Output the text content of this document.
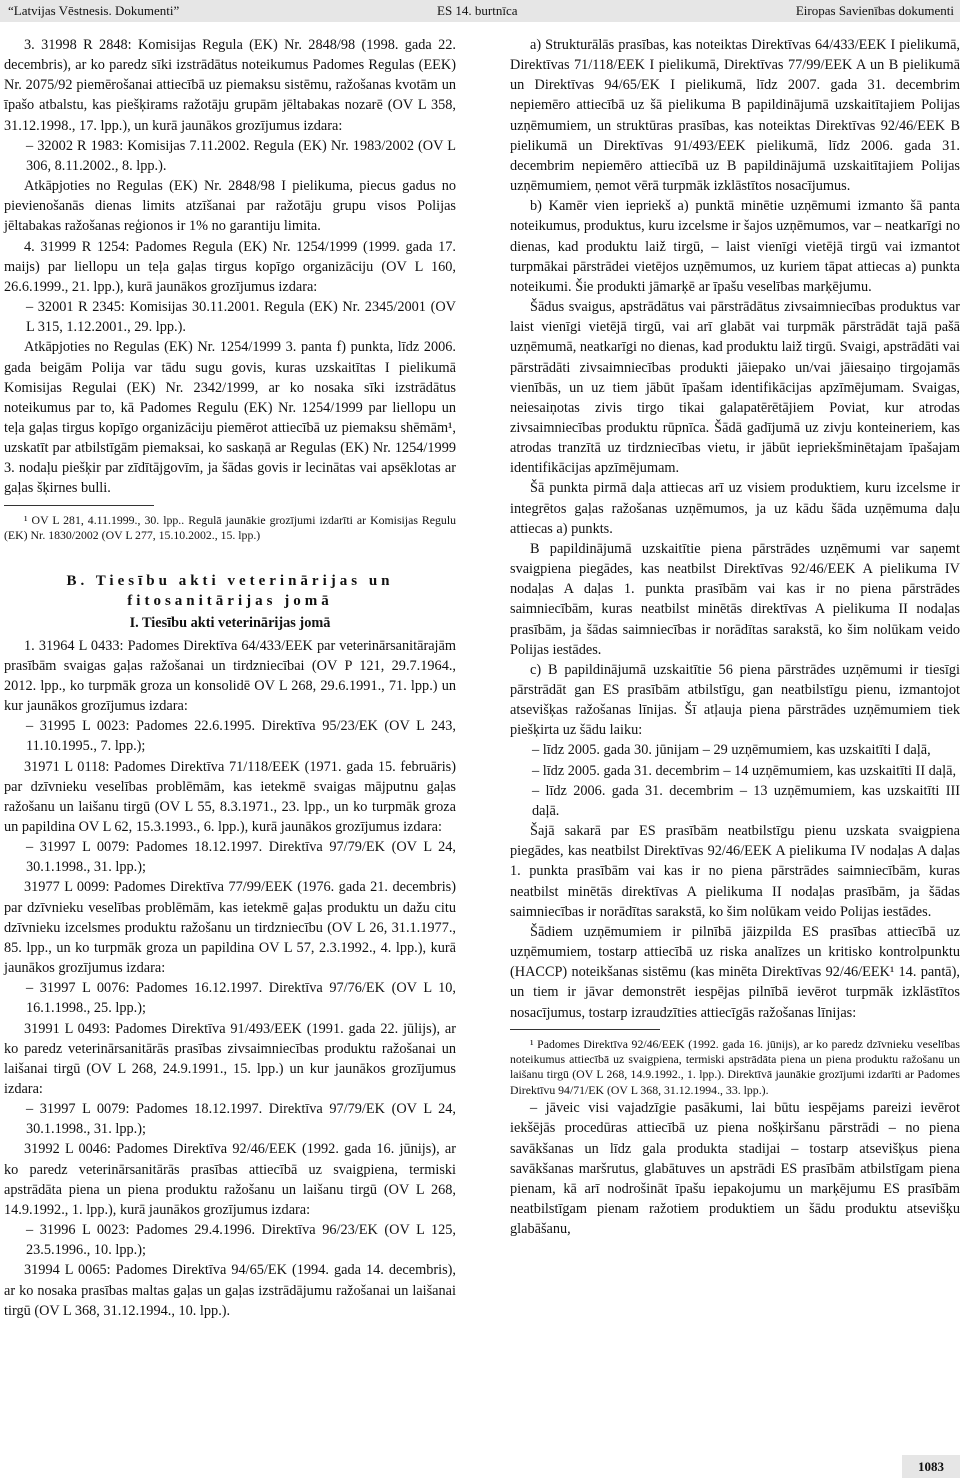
“Latvijas Vēstnesis. Dokumenti”	ES 14. burtnīca	Eiropas Savienības dokumenti

3. 31998 R 2848: Komisijas Regula (EK) Nr. 2848/98 (1998. gada 22. decembris), ar ko paredz sīki izstrādātus noteikumus Padomes Regulas (EEK) Nr. 2075/92 piemērošanai attiecībā uz piemaksu sistēmu, ražošanas kvotām un īpašo atbalstu, kas piešķirams ražotāju grupām jēltabakas nozarē (OV L 358, 31.12.1998., 17. lpp.), un kurā jaunākos grozījumus izdara:

– 32002 R 1983: Komisijas 7.11.2002. Regula (EK) Nr. 1983/2002 (OV L 306, 8.11.2002., 8. lpp.).

Atkāpjoties no Regulas (EK) Nr. 2848/98 I pielikuma, piecus gadus no pievienošanās dienas limits atzīšanai par ražotāju grupu visos Polijas jēltabakas ražošanas reģionos ir 1% no garantiju limita.

4. 31999 R 1254: Padomes Regula (EK) Nr. 1254/1999 (1999. gada 17. maijs) par liellopu un teļa gaļas tirgus kopīgo organizāciju (OV L 160, 26.6.1999., 21. lpp.), kurā jaunākos grozījumus izdara:

– 32001 R 2345: Komisijas 30.11.2001. Regula (EK) Nr. 2345/2001 (OV L 315, 1.12.2001., 29. lpp.).

Atkāpjoties no Regulas (EK) Nr. 1254/1999 3. panta f) punkta, līdz 2006. gada beigām Polija var tādu sugu govis, kuras uzskaitītas I pielikumā Komisijas Regulai (EK) Nr. 2342/1999, ar ko nosaka sīki izstrādātus noteikumus par to, kā Padomes Regulu (EK) Nr. 1254/1999 par liellopu un teļa gaļas tirgus kopīgo organizāciju piemērot attiecībā uz piemaksu shēmām¹, uzskatīt par atbilstīgām piemaksai, ko saskaņā ar Regulas (EK) Nr. 1254/1999 3. nodaļu piešķir par zīdītājgovīm, ja šādas govis ir lecinātas vai apsēklotas ar gaļas šķirnes bulli.

¹ OV L 281, 4.11.1999., 30. lpp.. Regulā jaunākie grozījumi izdarīti ar Komisijas Regulu (EK) Nr. 1830/2002 (OV L 277, 15.10.2002., 15. lpp.)

B. Tiesību akti veterinārijas un fitosanitārijas jomā

I. Tiesību akti veterinārijas jomā

1. 31964 L 0433: Padomes Direktīva 64/433/EEK par veterinārsanitārajām prasībām svaigas gaļas ražošanai un tirdzniecībai (OV P 121, 29.7.1964., 2012. lpp., ko turpmāk groza un konsolidē OV L 268, 29.6.1991., 71. lpp.) un kur jaunākos grozījumus izdara:

– 31995 L 0023: Padomes 22.6.1995. Direktīva 95/23/EK (OV L 243, 11.10.1995., 7. lpp.);

31971 L 0118: Padomes Direktīva 71/118/EEK (1971. gada 15. februāris) par dzīvnieku veselības problēmām, kas ietekmē svaigas mājputnu gaļas ražošanu un laišanu tirgū (OV L 55, 8.3.1971., 23. lpp., un ko turpmāk groza un papildina OV L 62, 15.3.1993., 6. lpp.), kurā jaunākos grozījumus izdara:

– 31997 L 0079: Padomes 18.12.1997. Direktīva 97/79/EK (OV L 24, 30.1.1998., 31. lpp.);

31977 L 0099: Padomes Direktīva 77/99/EEK (1976. gada 21. decembris) par dzīvnieku veselības problēmām, kas ietekmē gaļas produktu un dažu citu dzīvnieku izcelsmes produktu ražošanu un tirdzniecību (OV L 26, 31.1.1977., 85. lpp., un ko turpmāk groza un papildina OV L 57, 2.3.1992., 4. lpp.), kurā jaunākos grozījumus izdara:

– 31997 L 0076: Padomes 16.12.1997. Direktīva 97/76/EK (OV L 10, 16.1.1998., 25. lpp.);

31991 L 0493: Padomes Direktīva 91/493/EEK (1991. gada 22. jūlijs), ar ko paredz veterinārsanitārās prasības zivsaimniecības produktu ražošanai un laišanai tirgū (OV L 268, 24.9.1991., 15. lpp.) un kur jaunākos grozījumus izdara:

– 31997 L 0079: Padomes 18.12.1997. Direktīva 97/79/EK (OV L 24, 30.1.1998., 31. lpp.);

31992 L 0046: Padomes Direktīva 92/46/EEK (1992. gada 16. jūnijs), ar ko paredz veterinārsanitārās prasības attiecībā uz svaigpiena, termiski apstrādāta piena un piena produktu ražošanu un laišanu tirgū (OV L 268, 14.9.1992., 1. lpp.), kurā jaunākos grozījumus izdara:

– 31996 L 0023: Padomes 29.4.1996. Direktīva 96/23/EK (OV L 125, 23.5.1996., 10. lpp.);

31994 L 0065: Padomes Direktīva 94/65/EK (1994. gada 14. decembris), ar ko nosaka prasības maltas gaļas un gaļas izstrādājumu ražošanai un laišanai tirgū (OV L 368, 31.12.1994., 10. lpp.).

a) Strukturālās prasības, kas noteiktas Direktīvas 64/433/EEK I pielikumā, Direktīvas 71/118/EEK I pielikumā, Direktīvas 77/99/EEK A un B pielikumā un Direktīvas 94/65/EK I pielikumā, līdz 2007. gada 31. decembrim nepiemēro attiecībā uz šā pielikuma B papildinājumā uzskaitītajiem Polijas uzņēmumiem, un struktūras prasības, kas noteiktas Direktīvas 92/46/EEK B pielikumā un Direktīvas 91/493/EEK pielikumā, līdz 2006. gada 31. decembrim nepiemēro attiecībā uz B papildinājumā uzskaitītajiem Polijas uzņēmumiem, ņemot vērā turpmāk izklāstītos nosacījumus.

b) Kamēr vien iepriekš a) punktā minētie uzņēmumi izmanto šā panta noteikumus, produktus, kuru izcelsme ir šajos uzņēmumos, var – neatkarīgi no dienas, kad produktu laiž tirgū, – laist vienīgi vietējā tirgū vai izmantot turpmākai pārstrādei vietējos uzņēmumos, uz kuriem tāpat attiecas a) punkta noteikumi. Šie produkti jāmarķē ar īpašu veselības marķējumu.

Šādus svaigus, apstrādātus vai pārstrādātus zivsaimniecības produktus var laist vienīgi vietējā tirgū, vai arī glabāt vai turpmāk pārstrādāt tajā pašā uzņēmumā, neatkarīgi no dienas, kad produktu laiž tirgū. Svaigi, apstrādāti vai pārstrādāti zivsaimniecības produkti jāiepako un/vai jāiesaiņo tirgojamās vienībās, un uz tiem jābūt īpašam identifikācijas apzīmējumam. Svaigas, neiesaiņotas zivis tirgo tikai galapatērētājiem Poviat, kur atrodas zivsaimniecības produktu rūpnīca. Šādā gadījumā uz zivju konteineriem, kas atrodas tranzītā uz tirdzniecības vietu, ir jābūt iepriekšminētajam īpašajam identifikācijas apzīmējumam.

Šā punkta pirmā daļa attiecas arī uz visiem produktiem, kuru izcelsme ir integrētos gaļas ražošanas uzņēmumos, ja uz kādu šāda uzņēmuma daļu attiecas a) punkts.

B papildinājumā uzskaitītie piena pārstrādes uzņēmumi var saņemt svaigpiena piegādes, kas neatbilst Direktīvas 92/46/EEK A pielikuma IV nodaļas A daļas 1. punkta prasībām vai kas ir no piena pārstrādes saimniecībām, kuras neatbilst minētās direktīvas A pielikuma II nodaļas prasībām, ja šādas saimniecības ir norādītas sarakstā, ko šim nolūkam veido Polijas iestādes.

c) B papildinājumā uzskaitītie 56 piena pārstrādes uzņēmumi ir tiesīgi pārstrādāt gan ES prasībām atbilstīgu, gan neatbilstīgu pienu, izmantojot atsevišķas ražošanas līnijas. Šī atļauja piena pārstrādes uzņēmumiem tiek piešķirta uz šādu laiku:

– līdz 2005. gada 30. jūnijam – 29 uzņēmumiem, kas uzskaitīti I daļā,

– līdz 2005. gada 31. decembrim – 14 uzņēmumiem, kas uzskaitīti II daļā,

– līdz 2006. gada 31. decembrim – 13 uzņēmumiem, kas uzskaitīti III daļā.

Šajā sakarā par ES prasībām neatbilstīgu pienu uzskata svaigpiena piegādes, kas neatbilst Direktīvas 92/46/EEK A pielikuma IV nodaļas A daļas 1. punkta prasībām vai kas ir no piena pārstrādes saimniecībām, kuras neatbilst minētās direktīvas A pielikuma II nodaļas prasībām, ja šādas saimniecības ir norādītas sarakstā, ko šim nolūkam veido Polijas iestādes.

Šādiem uzņēmumiem ir pilnībā jāizpilda ES prasības attiecībā uz uzņēmumiem, tostarp attiecībā uz riska analīzes un kritisko kontrolpunktu (HACCP) noteikšanas sistēmu (kas minēta Direktīvas 92/46/EEK¹ 14. pantā), un tiem ir jāvar demonstrēt iespējas pilnībā ievērot turpmāk izklāstītos nosacījumus, tostarp izraudzīties attiecīgās ražošanas līnijas:

¹ Padomes Direktīva 92/46/EEK (1992. gada 16. jūnijs), ar ko paredz dzīvnieku veselības noteikumus attiecībā uz svaigpiena, termiski apstrādāta piena un piena produktu ražošanu un laišanu tirgū (OV L 268, 14.9.1992., 1. lpp.). Direktīvā jaunākie grozījumi izdarīti ar Padomes Direktīvu 94/71/EK (OV L 368, 31.12.1994., 33. lpp.).

– jāveic visi vajadzīgie pasākumi, lai būtu iespējams pareizi ievērot iekšējās procedūras attiecībā uz piena nošķiršanu pārstrādi – no piena savākšanas un līdz gala produkta stadijai – tostarp atsevišķus piena savākšanas maršrutus, glabātuves un apstrādi ES prasībām atbilstīgam piena pienam, kā arī nodrošināt īpašu iepakojumu un marķējumu ES prasībām neatbilstīgam pienam ražotiem produktiem un šādu produktu atsevišķu glabāšanu,

1083
